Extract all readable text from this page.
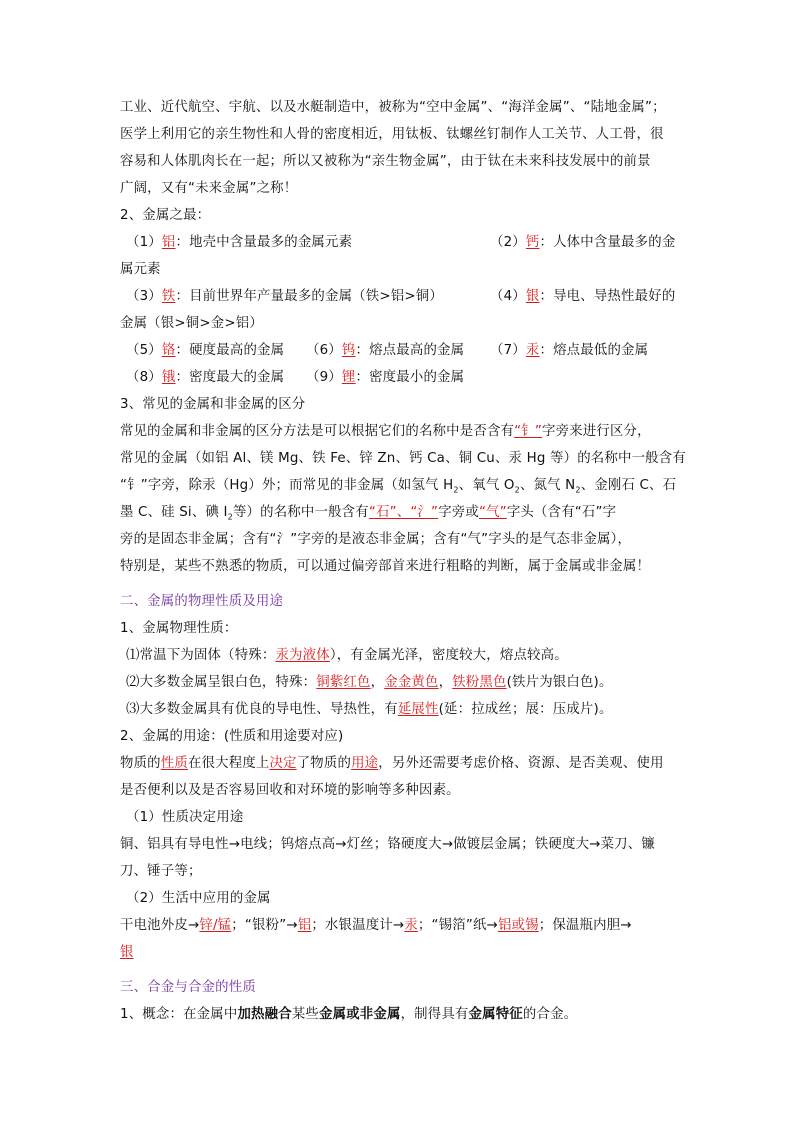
工业、近代航空、宇航、以及水艇制造中，被称为“空中金属”、“海洋金属”、“陆地金属”；
医学上利用它的亲生物性和人骨的密度相近，用钛板、钛螺丝钉制作人工关节、人工骨，很
容易和人体肌肉长在一起；所以又被称为“亲生物金属”，由于钛在未来科技发展中的前景
广阔，又有“未来金属”之称！
2、金属之最：
（1）铝：地壳中含量最多的金属元素	（2）钙：人体中含量最多的金
属元素
（3）铁：目前世界年产量最多的金属（铁>铝>铜）	（4）银：导电、导热性最好的
金属（银>铜>金>铝）
（5）铬：硬度最高的金属 （6）钨：熔点最高的金属 （7）汞：熔点最低的金属
（8）锇：密度最大的金属 （9）锂：密度最小的金属
3、常见的金属和非金属的区分
常见的金属和非金属的区分方法是可以根据它们的名称中是否含有“钅”字旁来进行区分，
常见的金属（如铝 Al、镁 Mg、铁 Fe、锌 Zn、钙 Ca、铜 Cu、汞 Hg 等）的名称中一般含有
“钅”字旁，除汞（Hg）外；而常见的非金属（如氢气 $H_2$、氧气 $O_2$、氮气 $N_2$、金刚石 C、石
墨 C、硅 Si、碘 $I_2$等）的名称中一般含有“石”、“氵”字旁或“气”字头（含有“石”字
旁的是固态非金属；含有“氵”字旁的是液态非金属；含有“气”字头的是气态非金属），
特别是，某些不熟悉的物质，可以通过偏旁部首来进行粗略的判断，属于金属或非金属！
二、金属的物理性质及用途
1、金属物理性质：
⑴常温下为固体（特殊：汞为液体），有金属光泽，密度较大，熔点较高。
⑵大多数金属呈银白色，特殊：铜紫红色，金金黄色，铁粉黑色(铁片为银白色)。
⑶大多数金属具有优良的导电性、导热性，有延展性(延：拉成丝；展：压成片)。
2、金属的用途：(性质和用途要对应)
物质的性质在很大程度上决定了物质的用途，另外还需要考虑价格、资源、是否美观、使用
是否便利以及是否容易回收和对环境的影响等多种因素。
（1）性质决定用途
铜、铝具有导电性→电线；钨熔点高→灯丝；铬硬度大→做镀层金属；铁硬度大→菜刀、镰
刀、锤子等；
（2）生活中应用的金属
干电池外皮→锌/锰；“银粉”→铝；水银温度计→汞；“锡箔”纸→铝或锡；保温瓶内胆→
银
三、合金与合金的性质
1、概念：在金属中加热融合某些金属或非金属，制得具有金属特征的合金。
